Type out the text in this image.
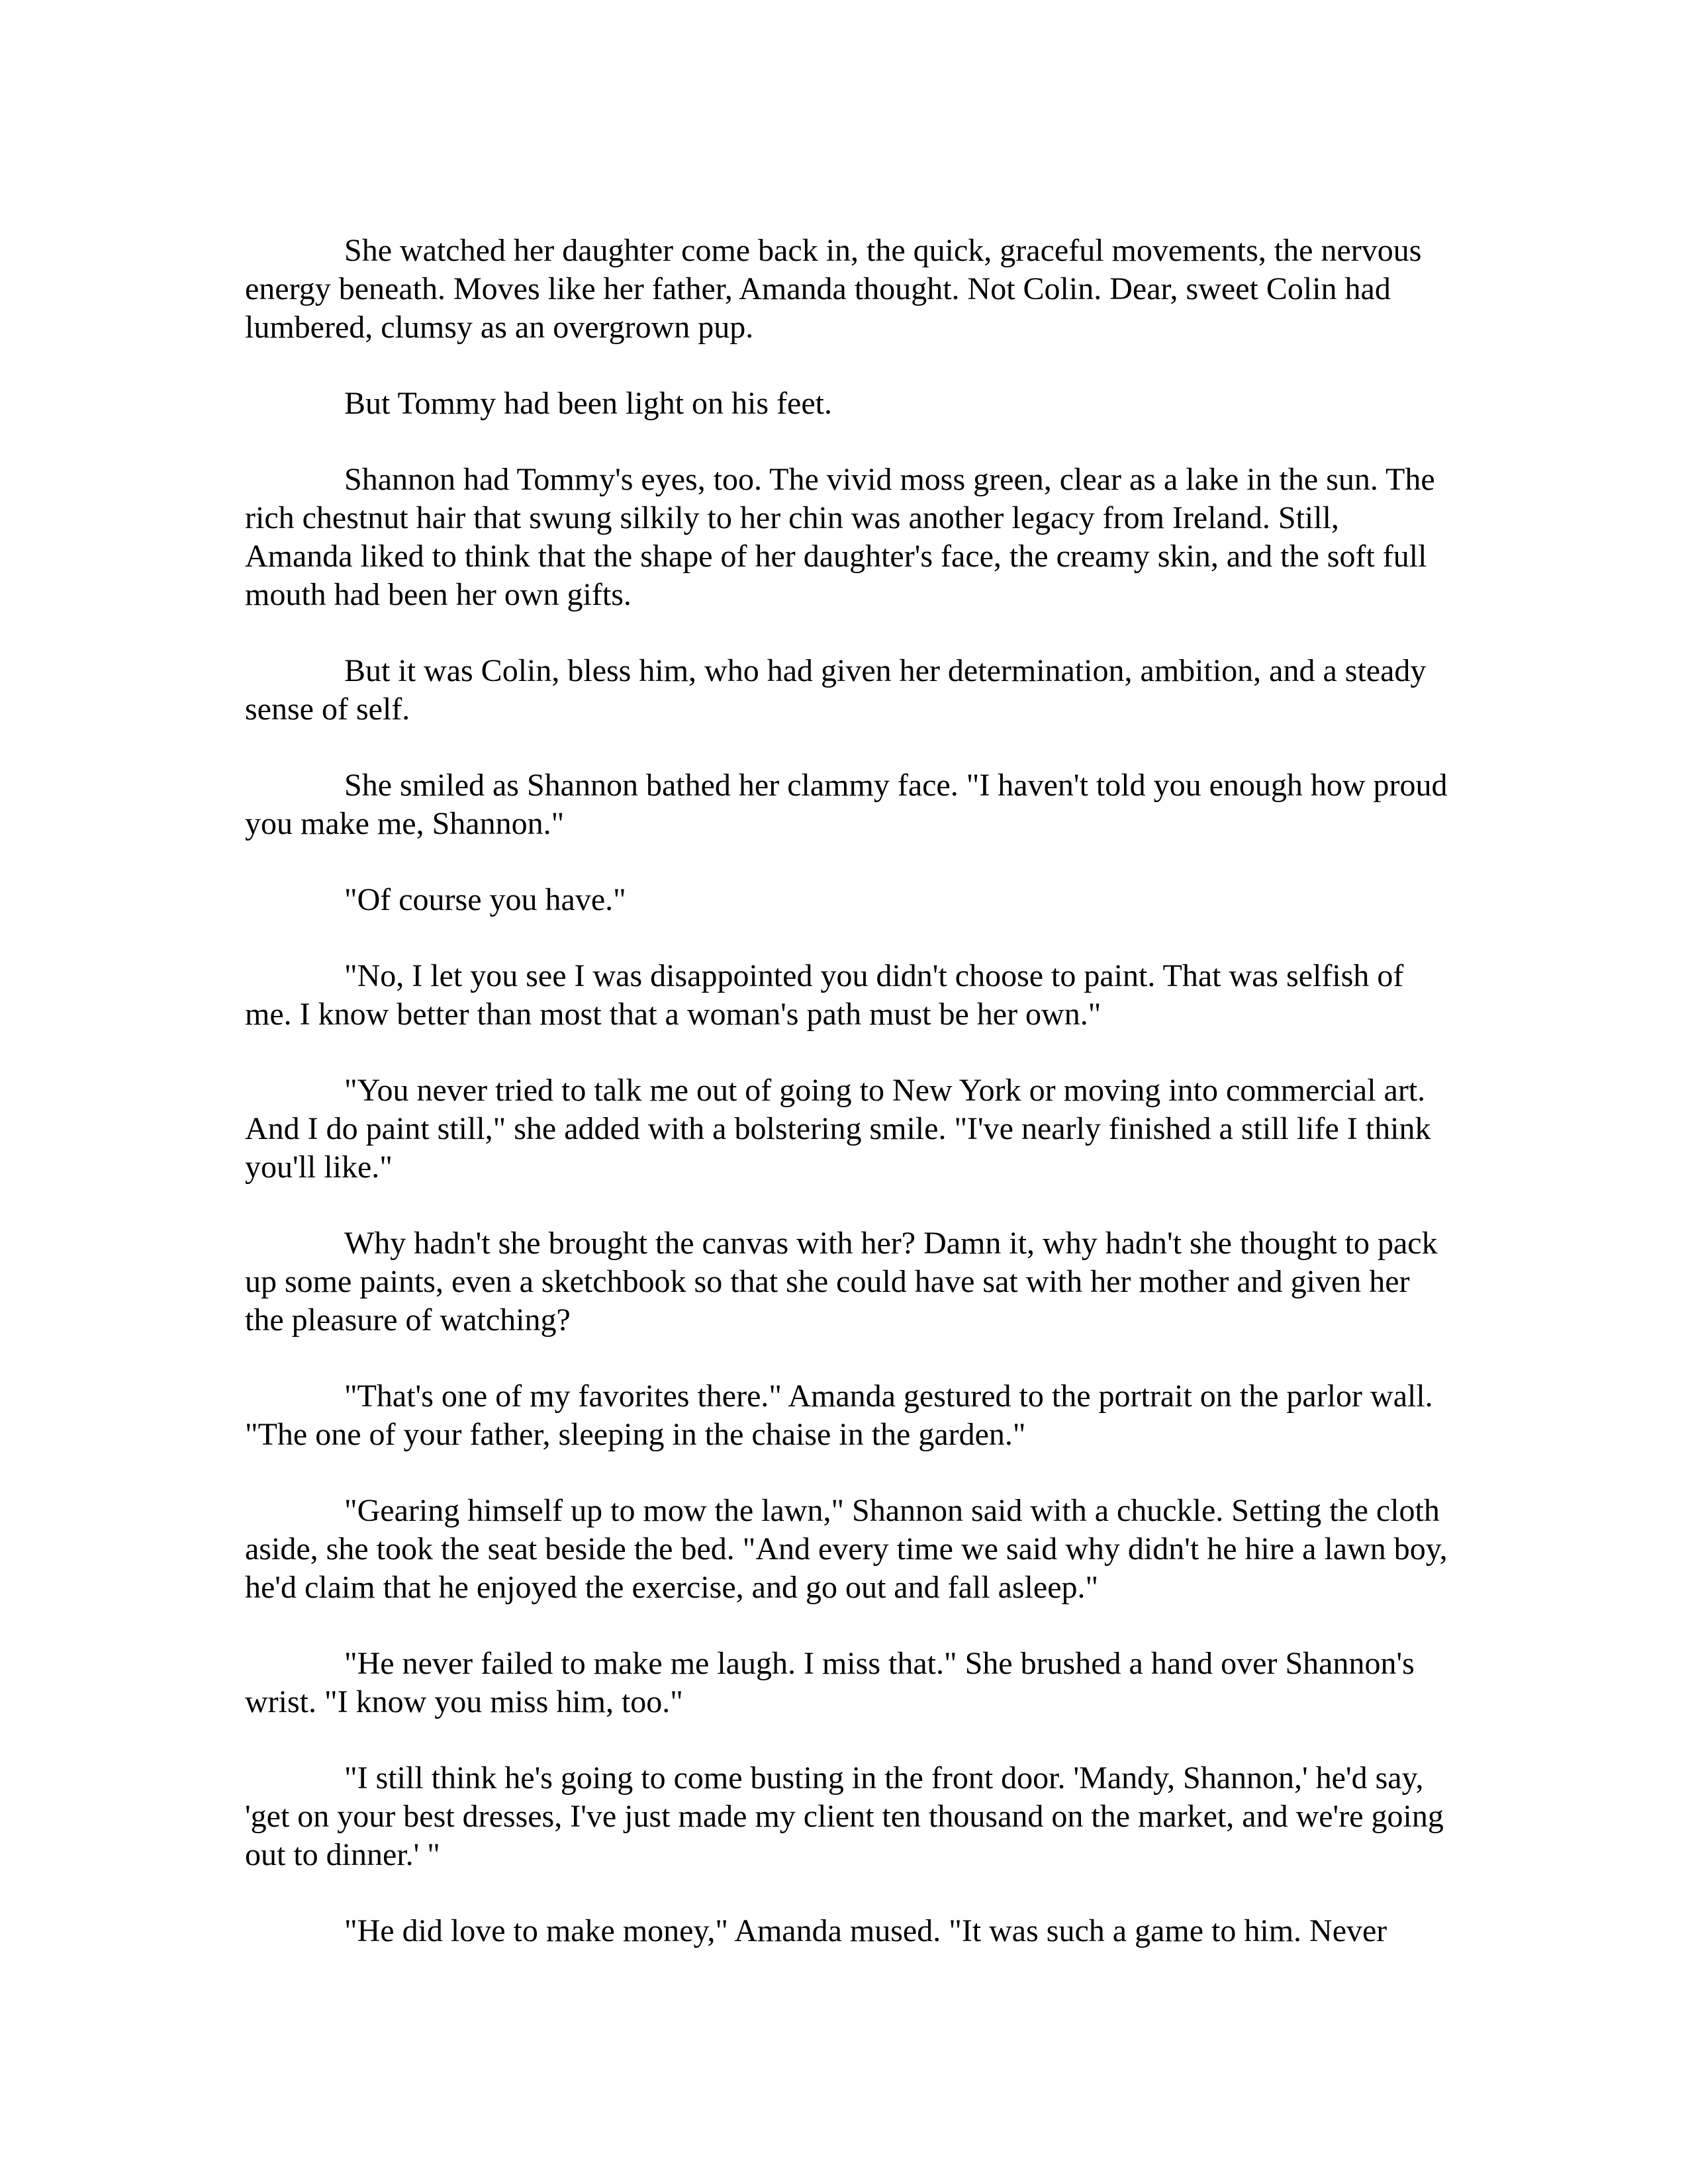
She watched her daughter come back in, the quick, graceful movements, the nervous energy beneath. Moves like her father, Amanda thought. Not Colin. Dear, sweet Colin had lumbered, clumsy as an overgrown pup.

But Tommy had been light on his feet.

Shannon had Tommy's eyes, too. The vivid moss green, clear as a lake in the sun. The rich chestnut hair that swung silkily to her chin was another legacy from Ireland. Still, Amanda liked to think that the shape of her daughter's face, the creamy skin, and the soft full mouth had been her own gifts.

But it was Colin, bless him, who had given her determination, ambition, and a steady sense of self.

She smiled as Shannon bathed her clammy face. "I haven't told you enough how proud you make me, Shannon."

"Of course you have."

"No, I let you see I was disappointed you didn't choose to paint. That was selfish of me. I know better than most that a woman's path must be her own."

"You never tried to talk me out of going to New York or moving into commercial art. And I do paint still," she added with a bolstering smile. "I've nearly finished a still life I think you'll like."

Why hadn't she brought the canvas with her? Damn it, why hadn't she thought to pack up some paints, even a sketchbook so that she could have sat with her mother and given her the pleasure of watching?

"That's one of my favorites there." Amanda gestured to the portrait on the parlor wall. "The one of your father, sleeping in the chaise in the garden."

"Gearing himself up to mow the lawn," Shannon said with a chuckle. Setting the cloth aside, she took the seat beside the bed. "And every time we said why didn't he hire a lawn boy, he'd claim that he enjoyed the exercise, and go out and fall asleep."

"He never failed to make me laugh. I miss that." She brushed a hand over Shannon's wrist. "I know you miss him, too."

"I still think he's going to come busting in the front door. 'Mandy, Shannon,' he'd say, 'get on your best dresses, I've just made my client ten thousand on the market, and we're going out to dinner.' "

"He did love to make money," Amanda mused. "It was such a game to him. Never
